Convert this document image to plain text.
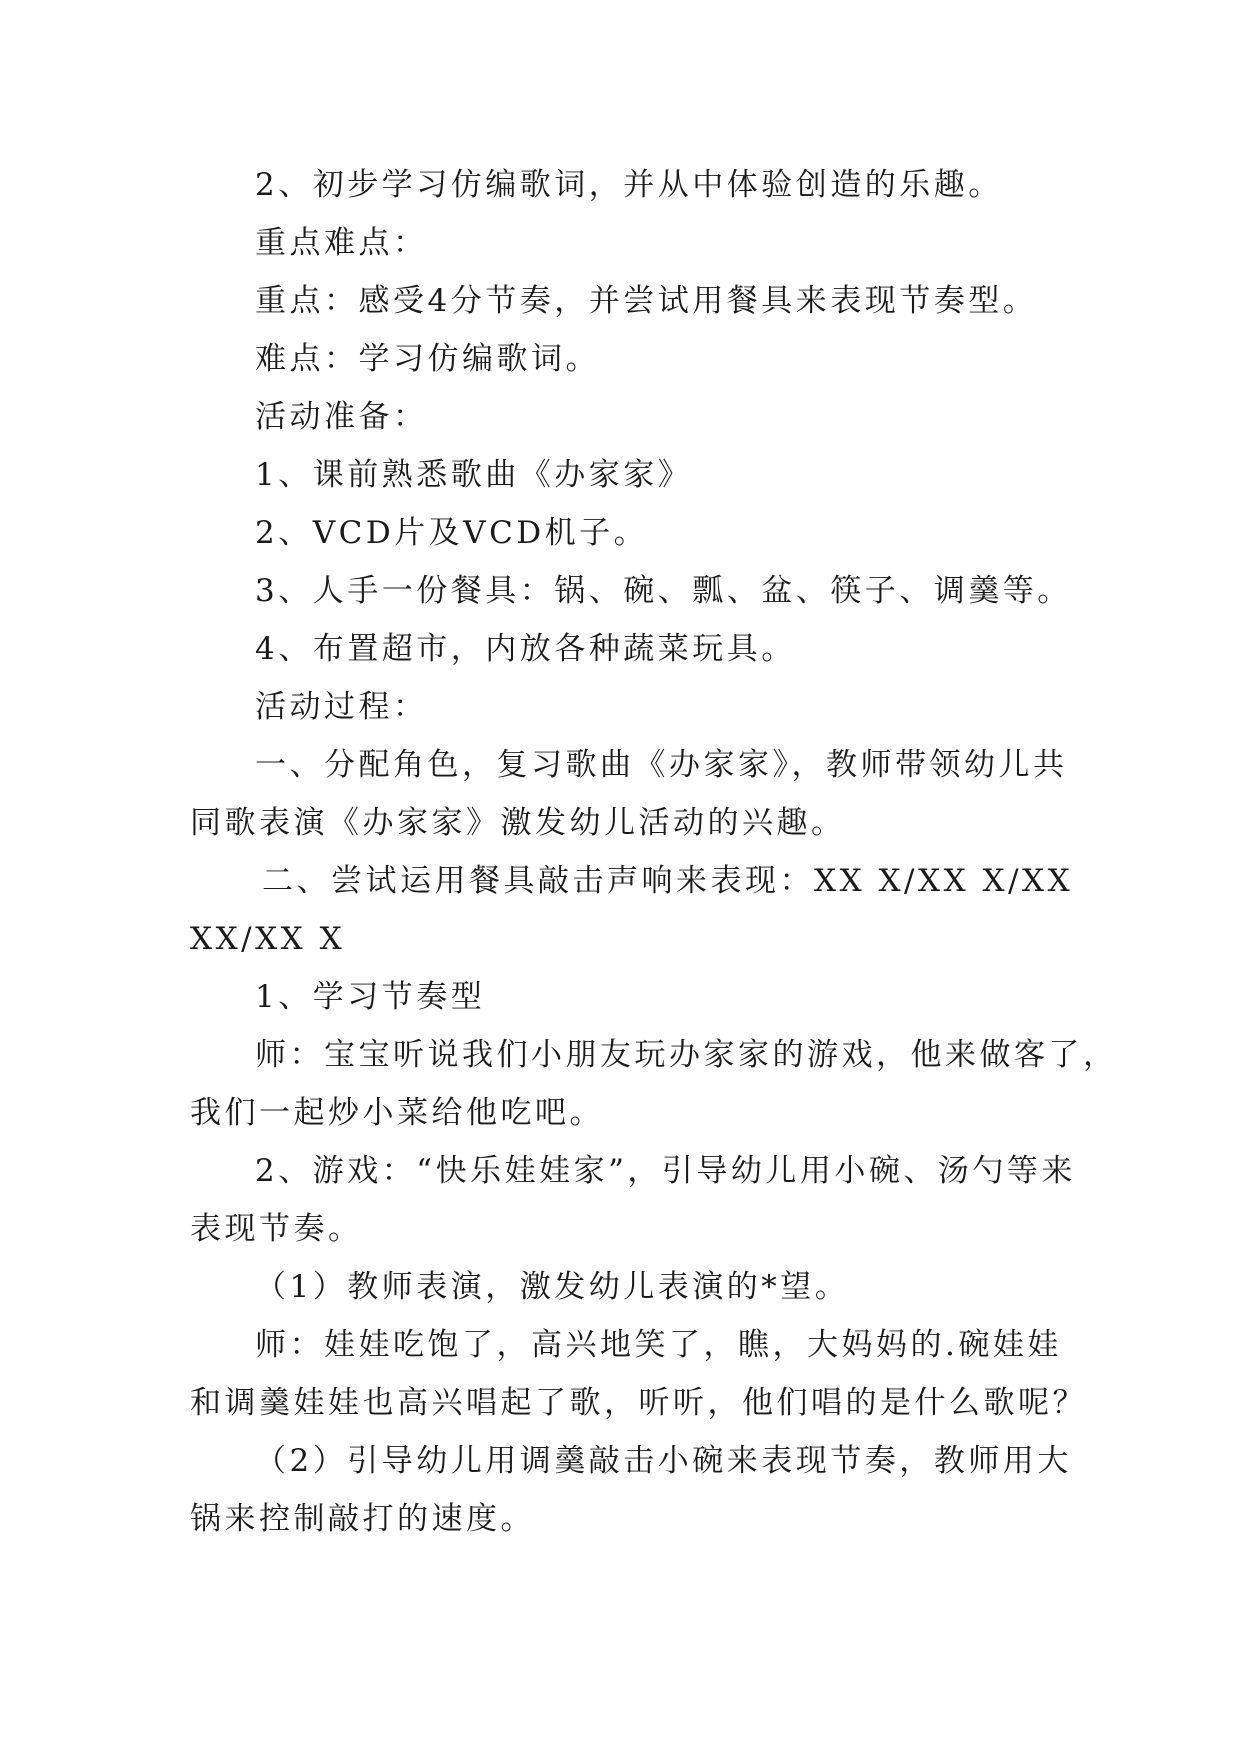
2、初步学习仿编歌词，并从中体验创造的乐趣。
重点难点：
重点：感受4分节奏，并尝试用餐具来表现节奏型。
难点：学习仿编歌词。
活动准备：
1、课前熟悉歌曲《办家家》
2、VCD片及VCD机子。
3、人手一份餐具：锅、碗、瓢、盆、筷子、调羹等。
4、布置超市，内放各种蔬菜玩具。
活动过程：
一、分配角色，复习歌曲《办家家》，教师带领幼儿共
同歌表演《办家家》激发幼儿活动的兴趣。
二、尝试运用餐具敲击声响来表现：XX X/XX X/XX
XX/XX X
1、学习节奏型
师：宝宝听说我们小朋友玩办家家的游戏，他来做客了，
我们一起炒小菜给他吃吧。
2、游戏：“快乐娃娃家”，引导幼儿用小碗、汤勺等来
表现节奏。
（1）教师表演，激发幼儿表演的*望。
师：娃娃吃饱了，高兴地笑了，瞧，大妈妈的.碗娃娃
和调羹娃娃也高兴唱起了歌，听听，他们唱的是什么歌呢？
（2）引导幼儿用调羹敲击小碗来表现节奏，教师用大
锅来控制敲打的速度。
